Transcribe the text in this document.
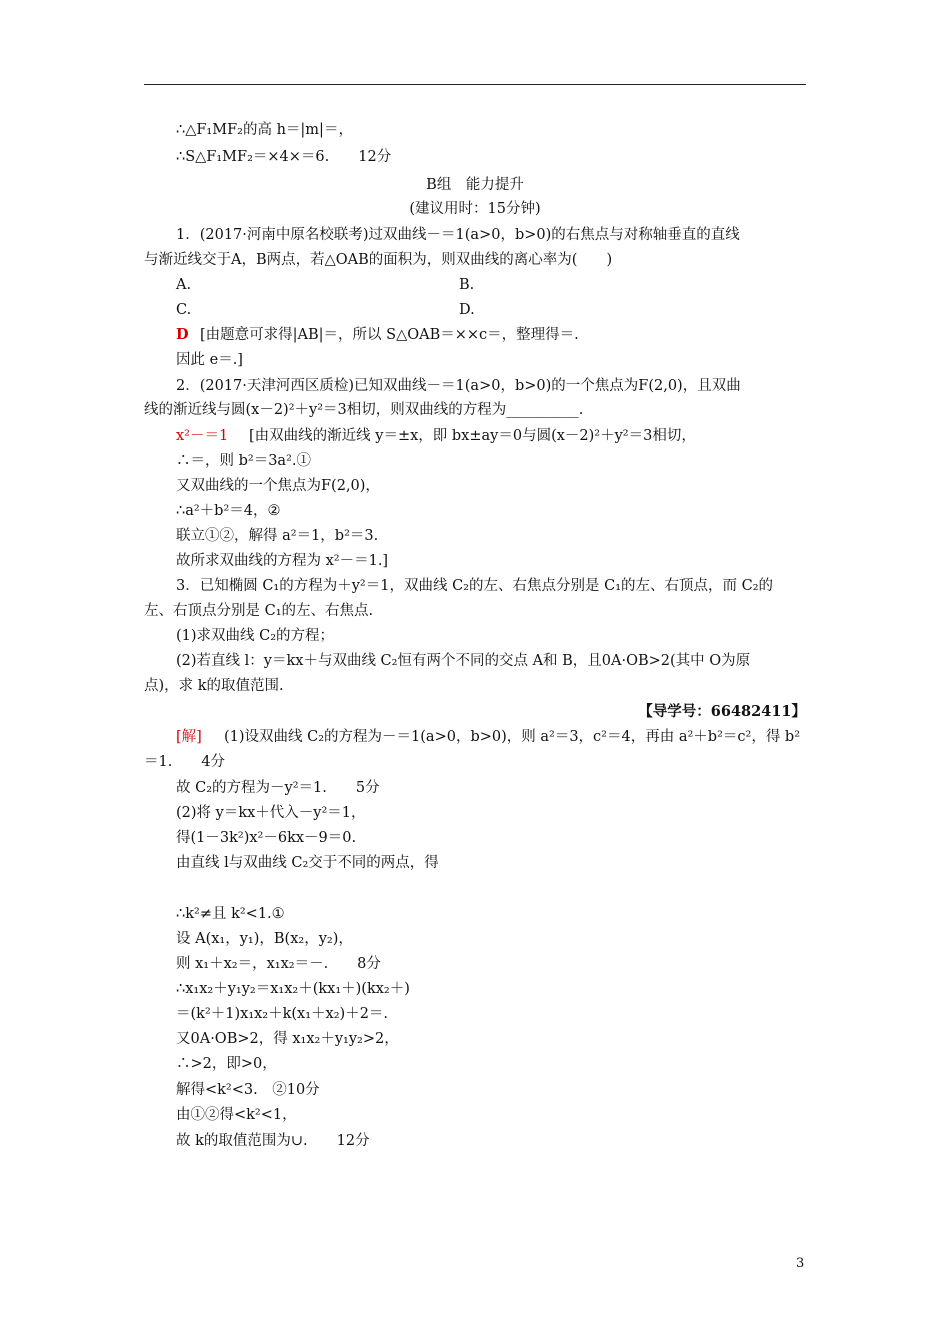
∴△F₁MF₂的高 h＝|m|＝，
∴S△F₁MF₂＝×4×＝6.　　12分
B组　能力提升
(建议用时：15分钟)
1．(2017·河南中原名校联考)过双曲线－＝1(a>0，b>0)的右焦点与对称轴垂直的直线
与渐近线交于A，B两点，若△OAB的面积为，则双曲线的离心率为(　　)
A.	B.
C.	D.
D [由题意可求得|AB|＝，所以 S△OAB＝××c＝，整理得＝.
因此 e＝.]
2．(2017·天津河西区质检)已知双曲线－＝1(a>0，b>0)的一个焦点为F(2,0)，且双曲
线的渐近线与圆(x－2)²＋y²＝3相切，则双曲线的方程为__________.
x²－＝1 [由双曲线的渐近线 y＝±x，即 bx±ay＝0与圆(x－2)²＋y²＝3相切，
∴＝，则 b²＝3a².①
又双曲线的一个焦点为F(2,0)，
∴a²＋b²＝4，②
联立①②，解得 a²＝1，b²＝3.
故所求双曲线的方程为 x²－＝1.]
3．已知椭圆 C₁的方程为＋y²＝1，双曲线 C₂的左、右焦点分别是 C₁的左、右顶点，而 C₂的
左、右顶点分别是 C₁的左、右焦点.
(1)求双曲线 C₂的方程；
(2)若直线 l：y＝kx＋与双曲线 C₂恒有两个不同的交点 A和 B，且0A·OB>2(其中 O为原
点)，求 k的取值范围.
【导学号：66482411】
[解] (1)设双曲线 C₂的方程为－＝1(a>0，b>0)，则 a²＝3，c²＝4，再由 a²＋b²＝c²，得 b²
＝1.　　4分
故 C₂的方程为－y²＝1.　　5分
(2)将 y＝kx＋代入－y²＝1，
得(1－3k²)x²－6kx－9＝0.
由直线 l与双曲线 C₂交于不同的两点，得
∴k²≠且 k²<1.①
设 A(x₁，y₁)，B(x₂，y₂)，
则 x₁＋x₂＝，x₁x₂＝－.　　8分
∴x₁x₂＋y₁y₂＝x₁x₂＋(kx₁＋)(kx₂＋)
＝(k²＋1)x₁x₂＋k(x₁＋x₂)＋2＝.
又0A·OB>2，得 x₁x₂＋y₁y₂>2，
∴>2，即>0，
解得<k²<3.　②10分
由①②得<k²<1，
故 k的取值范围为∪.　　12分
3
